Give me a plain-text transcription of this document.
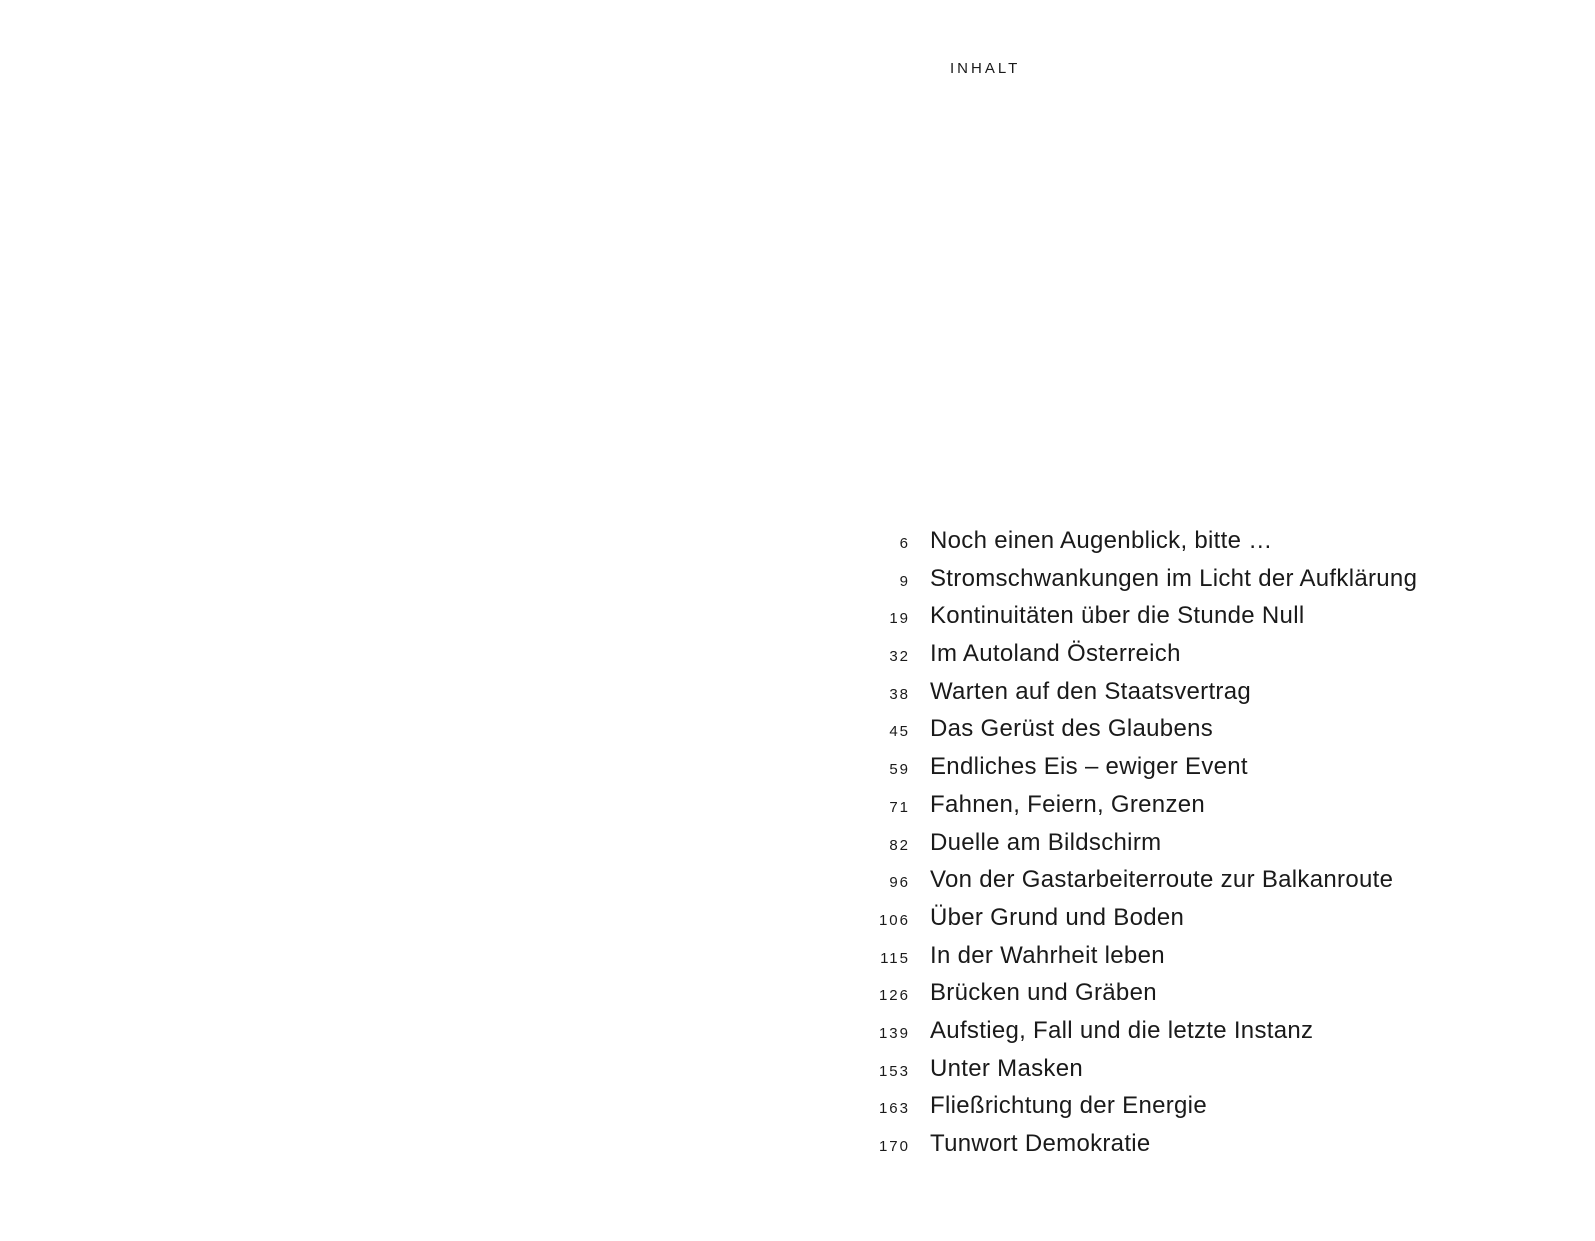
INHALT
6 Noch einen Augenblick, bitte …
9 Stromschwankungen im Licht der Aufklärung
19 Kontinuitäten über die Stunde Null
32 Im Autoland Österreich
38 Warten auf den Staatsvertrag
45 Das Gerüst des Glaubens
59 Endliches Eis – ewiger Event
71 Fahnen, Feiern, Grenzen
82 Duelle am Bildschirm
96 Von der Gastarbeiterroute zur Balkanroute
106 Über Grund und Boden
115 In der Wahrheit leben
126 Brücken und Gräben
139 Aufstieg, Fall und die letzte Instanz
153 Unter Masken
163 Fließrichtung der Energie
170 Tunwort Demokratie
